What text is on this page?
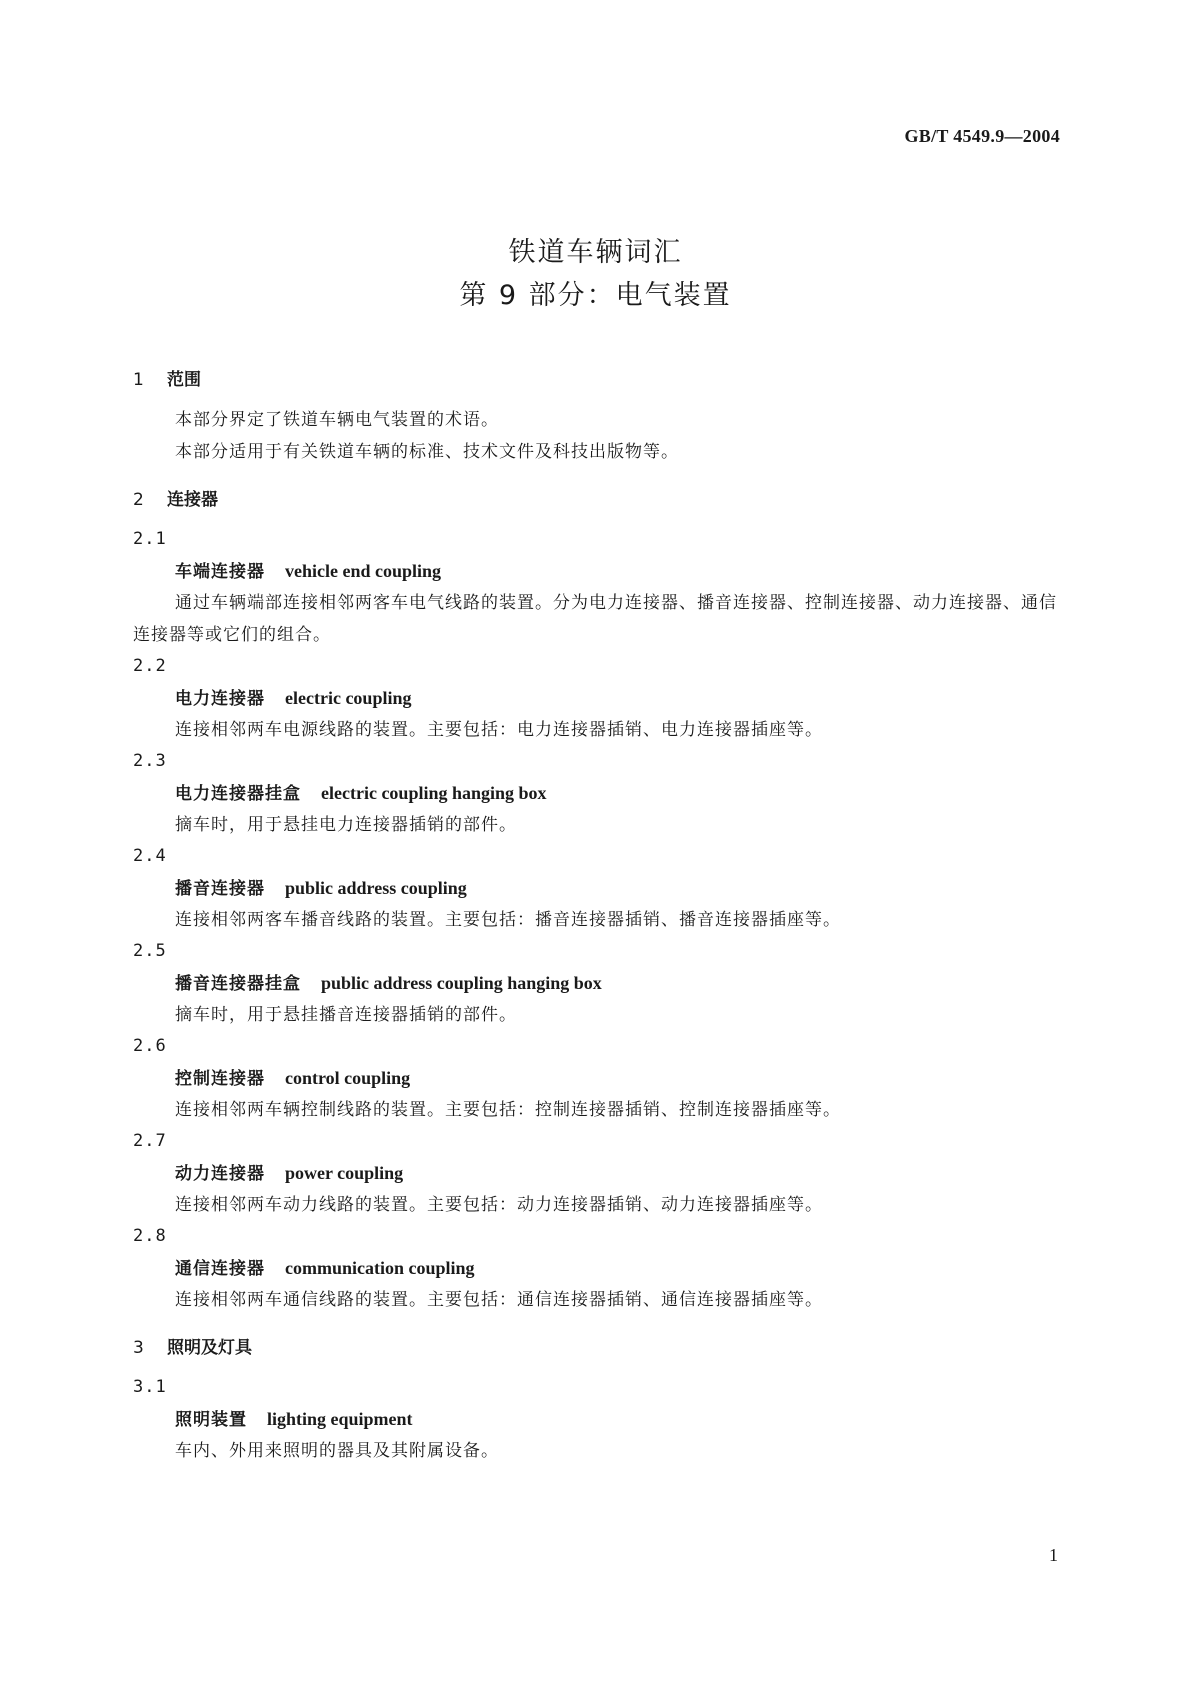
GB/T 4549.9—2004
铁道车辆词汇
第 9 部分：电气装置
1 范围
本部分界定了铁道车辆电气装置的术语。
本部分适用于有关铁道车辆的标准、技术文件及科技出版物等。
2 连接器
2.1
车端连接器 vehicle end coupling
通过车辆端部连接相邻两客车电气线路的装置。分为电力连接器、播音连接器、控制连接器、动力连接器、通信连接器等或它们的组合。
2.2
电力连接器 electric coupling
连接相邻两车电源线路的装置。主要包括：电力连接器插销、电力连接器插座等。
2.3
电力连接器挂盒 electric coupling hanging box
摘车时，用于悬挂电力连接器插销的部件。
2.4
播音连接器 public address coupling
连接相邻两客车播音线路的装置。主要包括：播音连接器插销、播音连接器插座等。
2.5
播音连接器挂盒 public address coupling hanging box
摘车时，用于悬挂播音连接器插销的部件。
2.6
控制连接器 control coupling
连接相邻两车辆控制线路的装置。主要包括：控制连接器插销、控制连接器插座等。
2.7
动力连接器 power coupling
连接相邻两车动力线路的装置。主要包括：动力连接器插销、动力连接器插座等。
2.8
通信连接器 communication coupling
连接相邻两车通信线路的装置。主要包括：通信连接器插销、通信连接器插座等。
3 照明及灯具
3.1
照明装置 lighting equipment
车内、外用来照明的器具及其附属设备。
1
